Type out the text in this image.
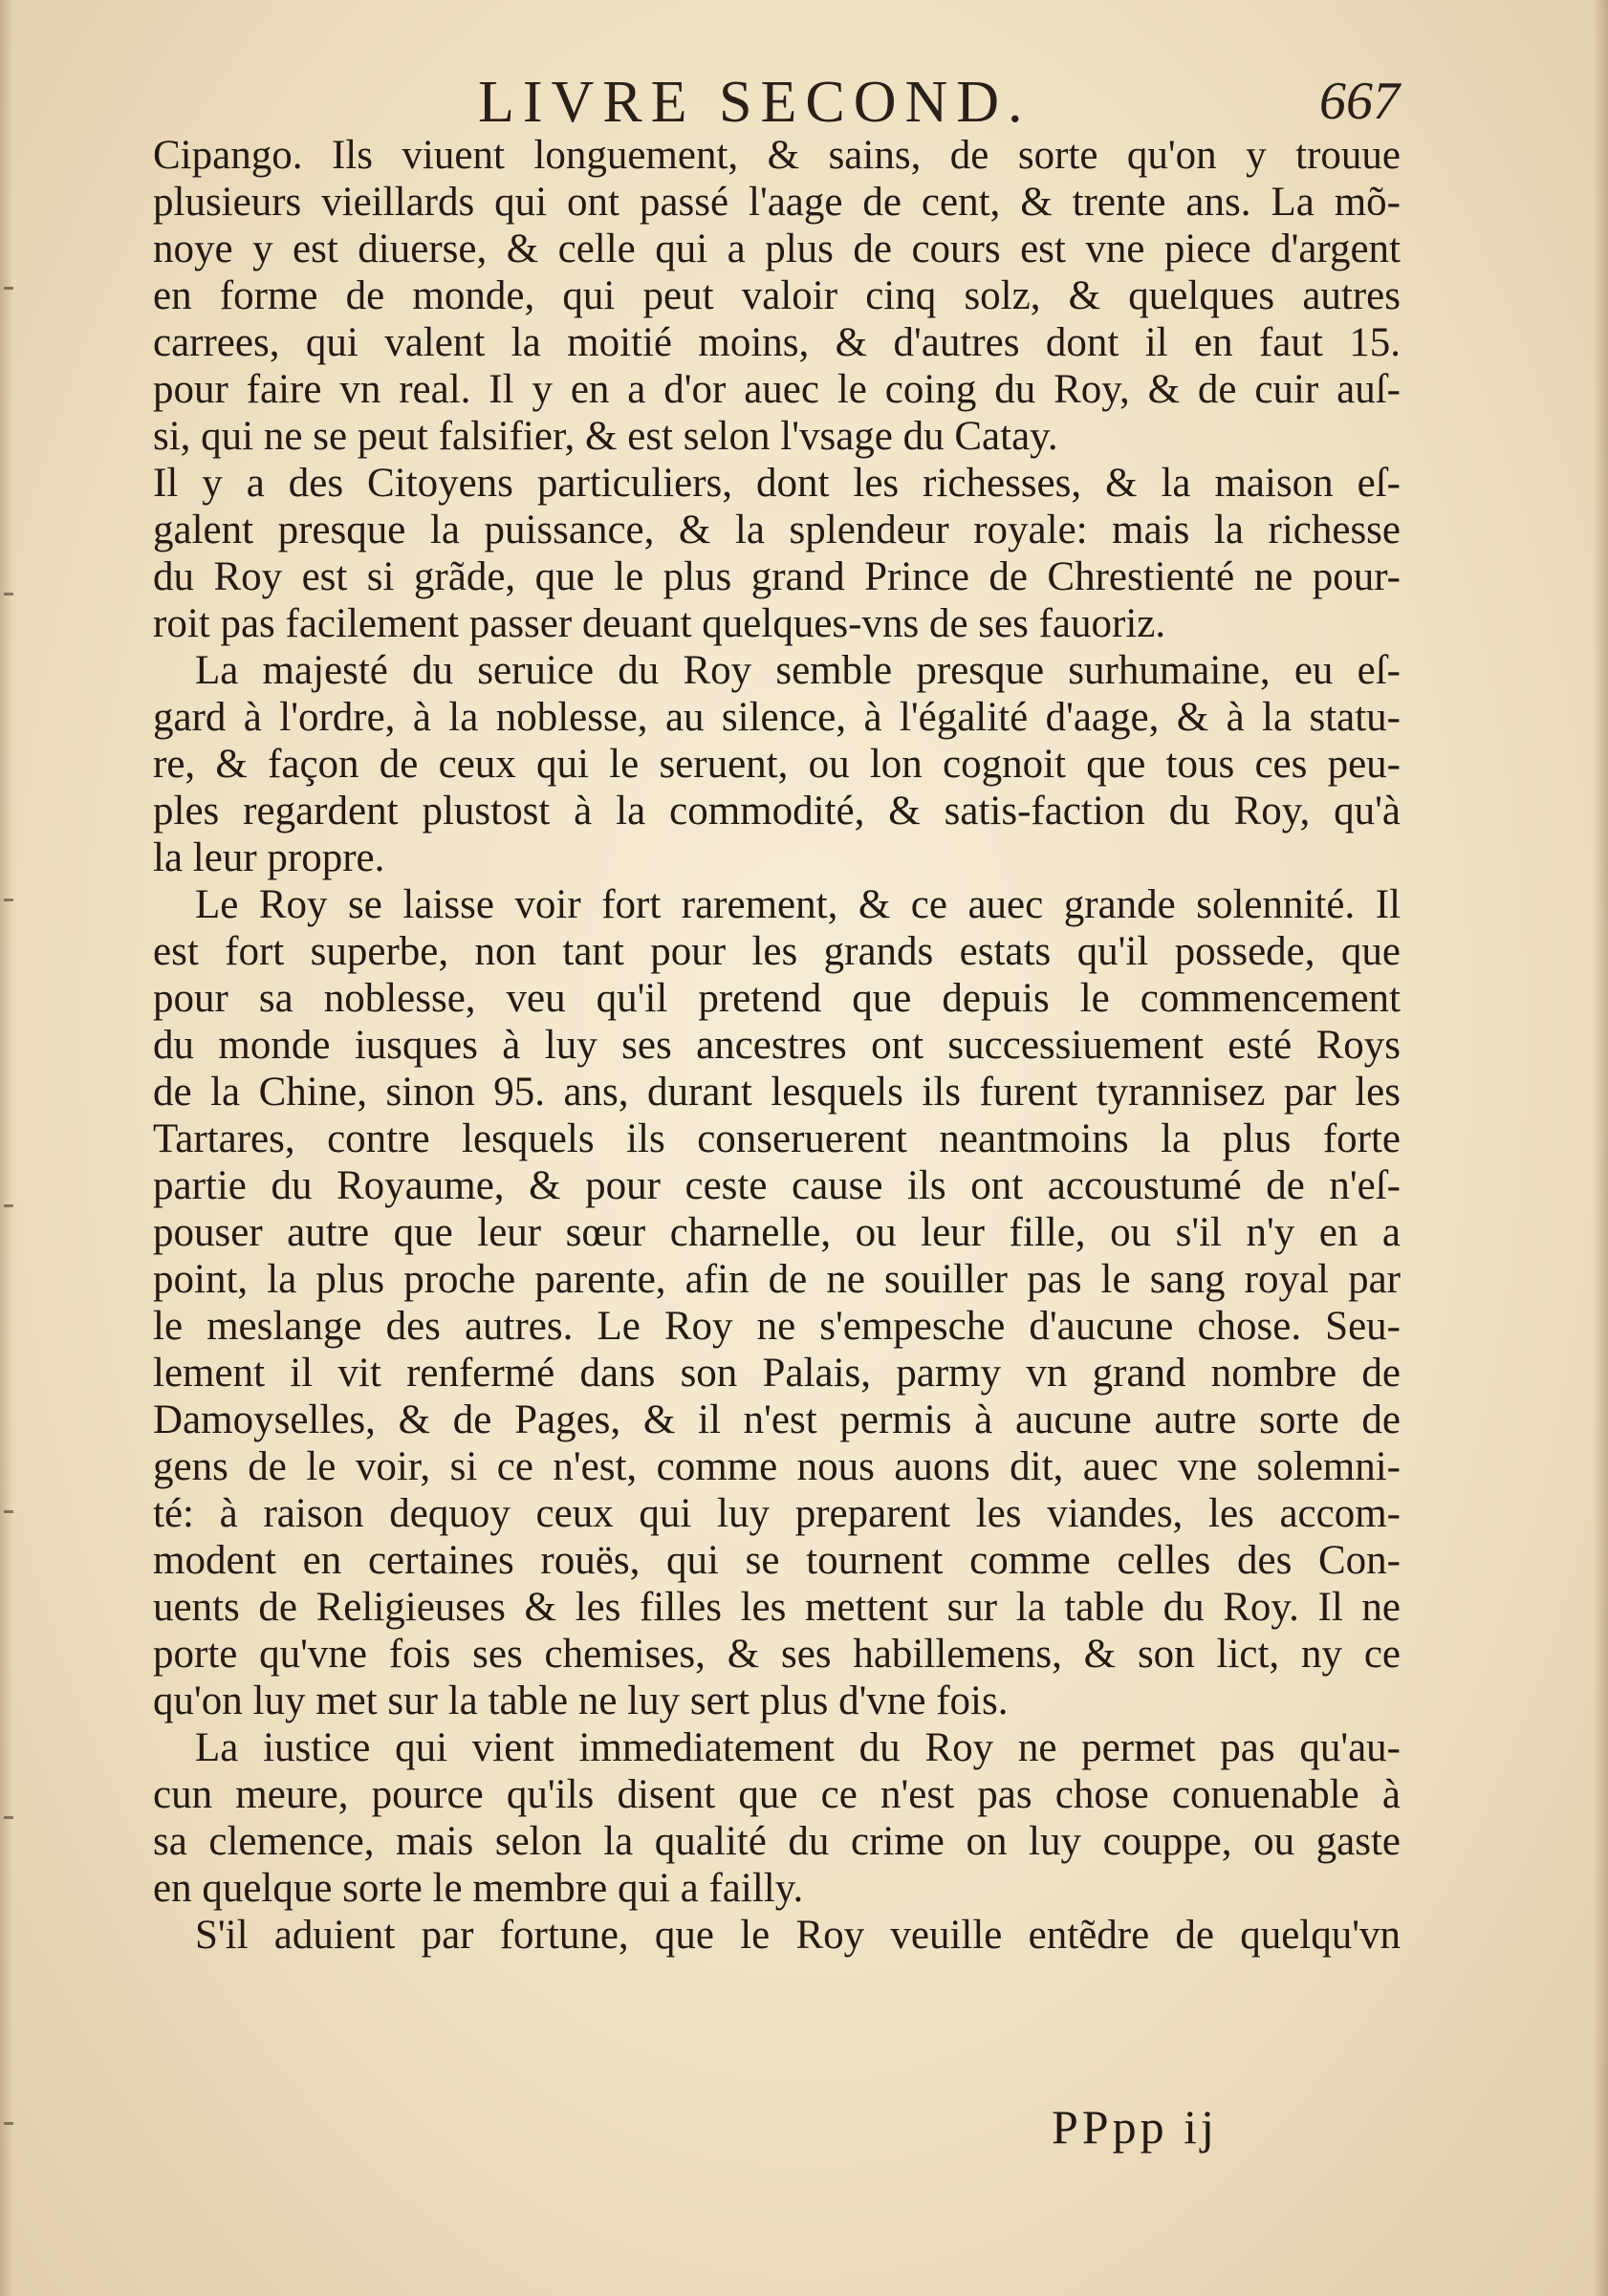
LIVRE SECOND.	667
Cipango. Ils viuent longuement, & sains, de sorte qu'on y trouue
plusieurs vieillards qui ont passé l'aage de cent, & trente ans. La mõ-
noye y est diuerse, & celle qui a plus de cours est vne piece d'argent
en forme de monde, qui peut valoir cinq solz, & quelques autres
carrees, qui valent la moitié moins, & d'autres dont il en faut 15.
pour faire vn real. Il y en a d'or auec le coing du Roy, & de cuir auſ-
si, qui ne se peut falsifier, & est selon l'vsage du Catay.
Il y a des Citoyens particuliers, dont les richesses, & la maison eſ-
galent presque la puissance, & la splendeur royale: mais la richesse
du Roy est si grãde, que le plus grand Prince de Chrestienté ne pour-
roit pas facilement passer deuant quelques-vns de ses fauoriz.
La majesté du seruice du Roy semble presque surhumaine, eu eſ-
gard à l'ordre, à la noblesse, au silence, à l'égalité d'aage, & à la statu-
re, & façon de ceux qui le seruent, ou lon cognoit que tous ces peu-
ples regardent plustost à la commodité, & satis-faction du Roy, qu'à
la leur propre.
Le Roy se laisse voir fort rarement, & ce auec grande solennité. Il
est fort superbe, non tant pour les grands estats qu'il possede, que
pour sa noblesse, veu qu'il pretend que depuis le commencement
du monde iusques à luy ses ancestres ont successiuement esté Roys
de la Chine, sinon 95. ans, durant lesquels ils furent tyrannisez par les
Tartares, contre lesquels ils conseruerent neantmoins la plus forte
partie du Royaume, & pour ceste cause ils ont accoustumé de n'eſ-
pouser autre que leur sœur charnelle, ou leur fille, ou s'il n'y en a
point, la plus proche parente, afin de ne souiller pas le sang royal par
le meslange des autres. Le Roy ne s'empesche d'aucune chose. Seu-
lement il vit renfermé dans son Palais, parmy vn grand nombre de
Damoyselles, & de Pages, & il n'est permis à aucune autre sorte de
gens de le voir, si ce n'est, comme nous auons dit, auec vne solemni-
té: à raison dequoy ceux qui luy preparent les viandes, les accom-
modent en certaines rouës, qui se tournent comme celles des Con-
uents de Religieuses & les filles les mettent sur la table du Roy. Il ne
porte qu'vne fois ses chemises, & ses habillemens, & son lict, ny ce
qu'on luy met sur la table ne luy sert plus d'vne fois.
La iustice qui vient immediatement du Roy ne permet pas qu'au-
cun meure, pource qu'ils disent que ce n'est pas chose conuenable à
sa clemence, mais selon la qualité du crime on luy couppe, ou gaste
en quelque sorte le membre qui a failly.
S'il aduient par fortune, que le Roy veuille entẽdre de quelqu'vn
PPpp ij
